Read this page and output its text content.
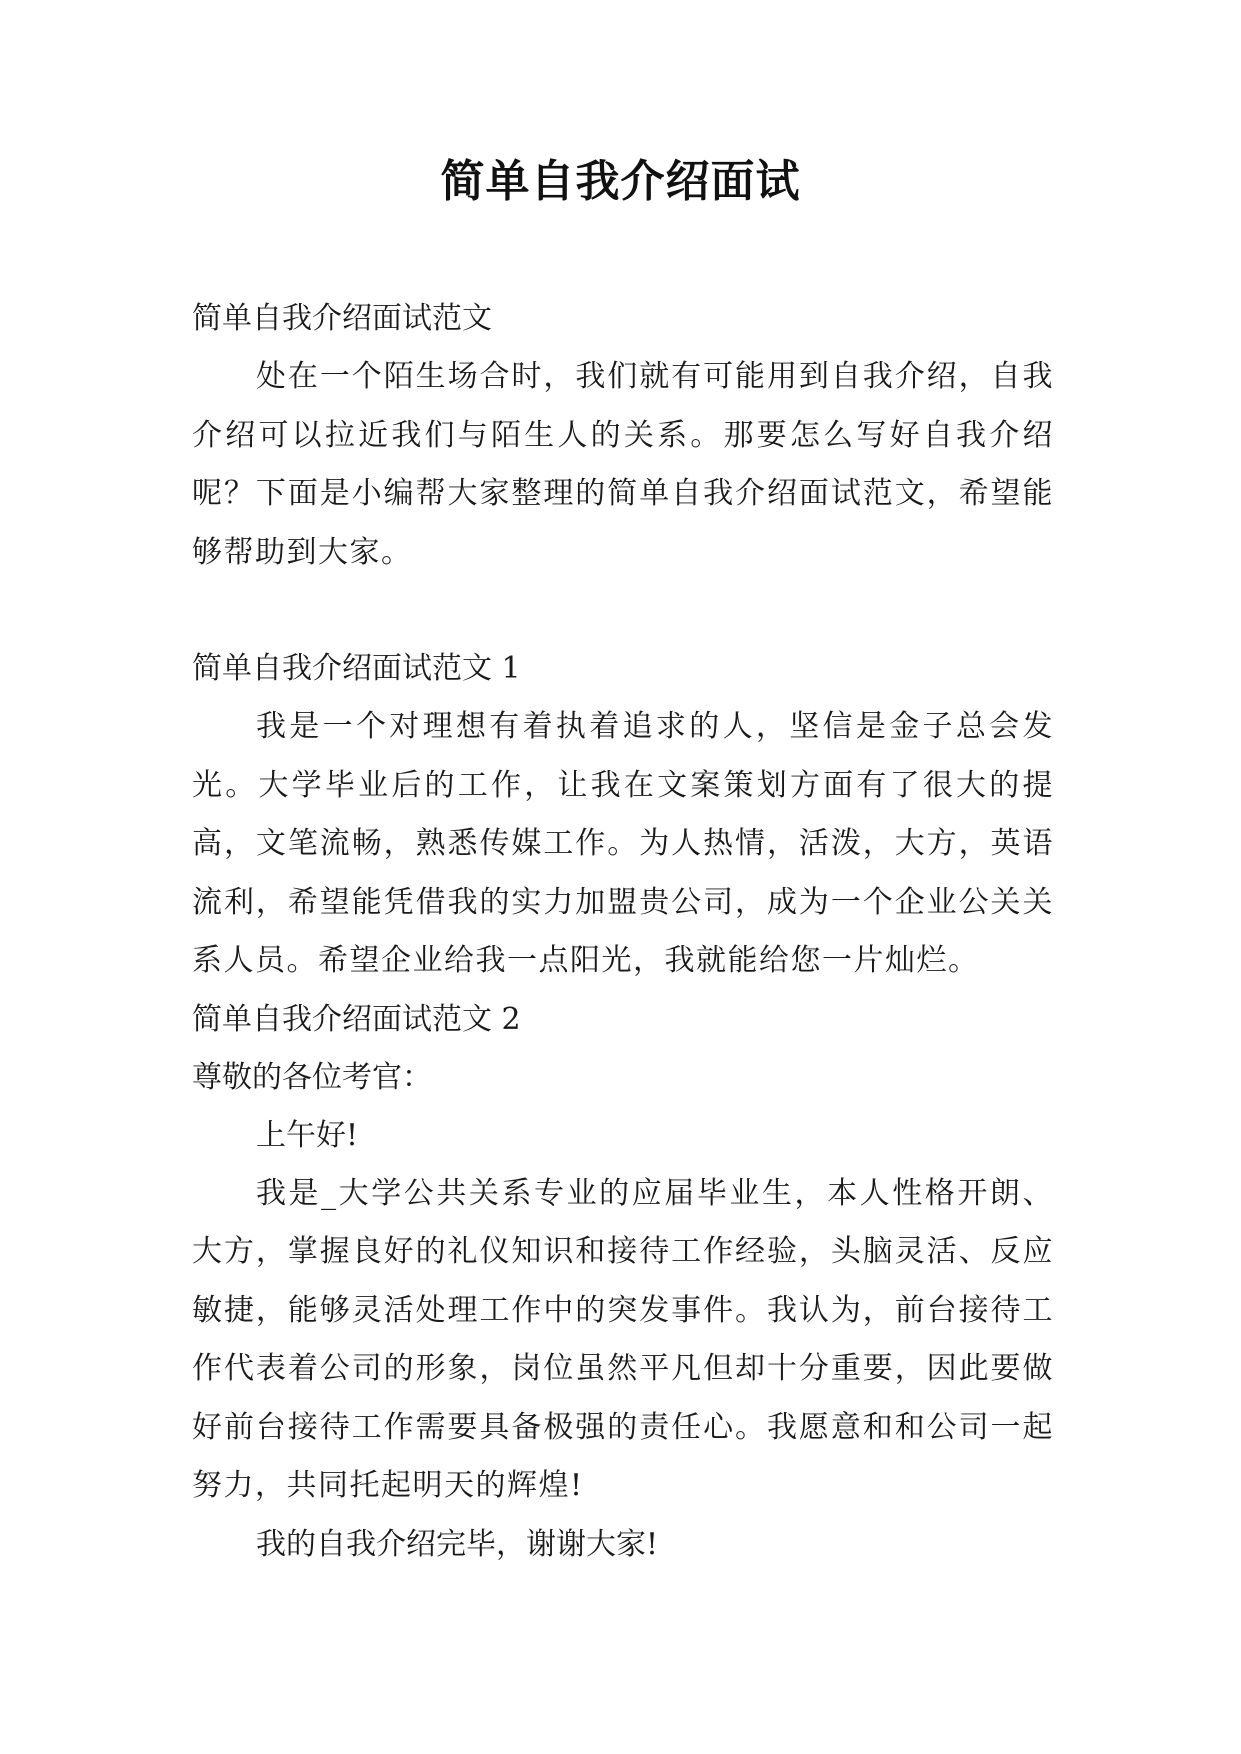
简单自我介绍面试
简单自我介绍面试范文

处在一个陌生场合时，我们就有可能用到自我介绍，自我介绍可以拉近我们与陌生人的关系。那要怎么写好自我介绍呢？下面是小编帮大家整理的简单自我介绍面试范文，希望能够帮助到大家。

简单自我介绍面试范文 1

我是一个对理想有着执着追求的人，坚信是金子总会发光。大学毕业后的工作，让我在文案策划方面有了很大的提高，文笔流畅，熟悉传媒工作。为人热情，活泼，大方，英语流利，希望能凭借我的实力加盟贵公司，成为一个企业公关关系人员。希望企业给我一点阳光，我就能给您一片灿烂。

简单自我介绍面试范文 2
尊敬的各位考官：
上午好!

我是_大学公共关系专业的应届毕业生，本人性格开朗、大方，掌握良好的礼仪知识和接待工作经验，头脑灵活、反应敏捷，能够灵活处理工作中的突发事件。我认为，前台接待工作代表着公司的形象，岗位虽然平凡但却十分重要，因此要做好前台接待工作需要具备极强的责任心。我愿意和和公司一起努力，共同托起明天的辉煌!

我的自我介绍完毕，谢谢大家!
